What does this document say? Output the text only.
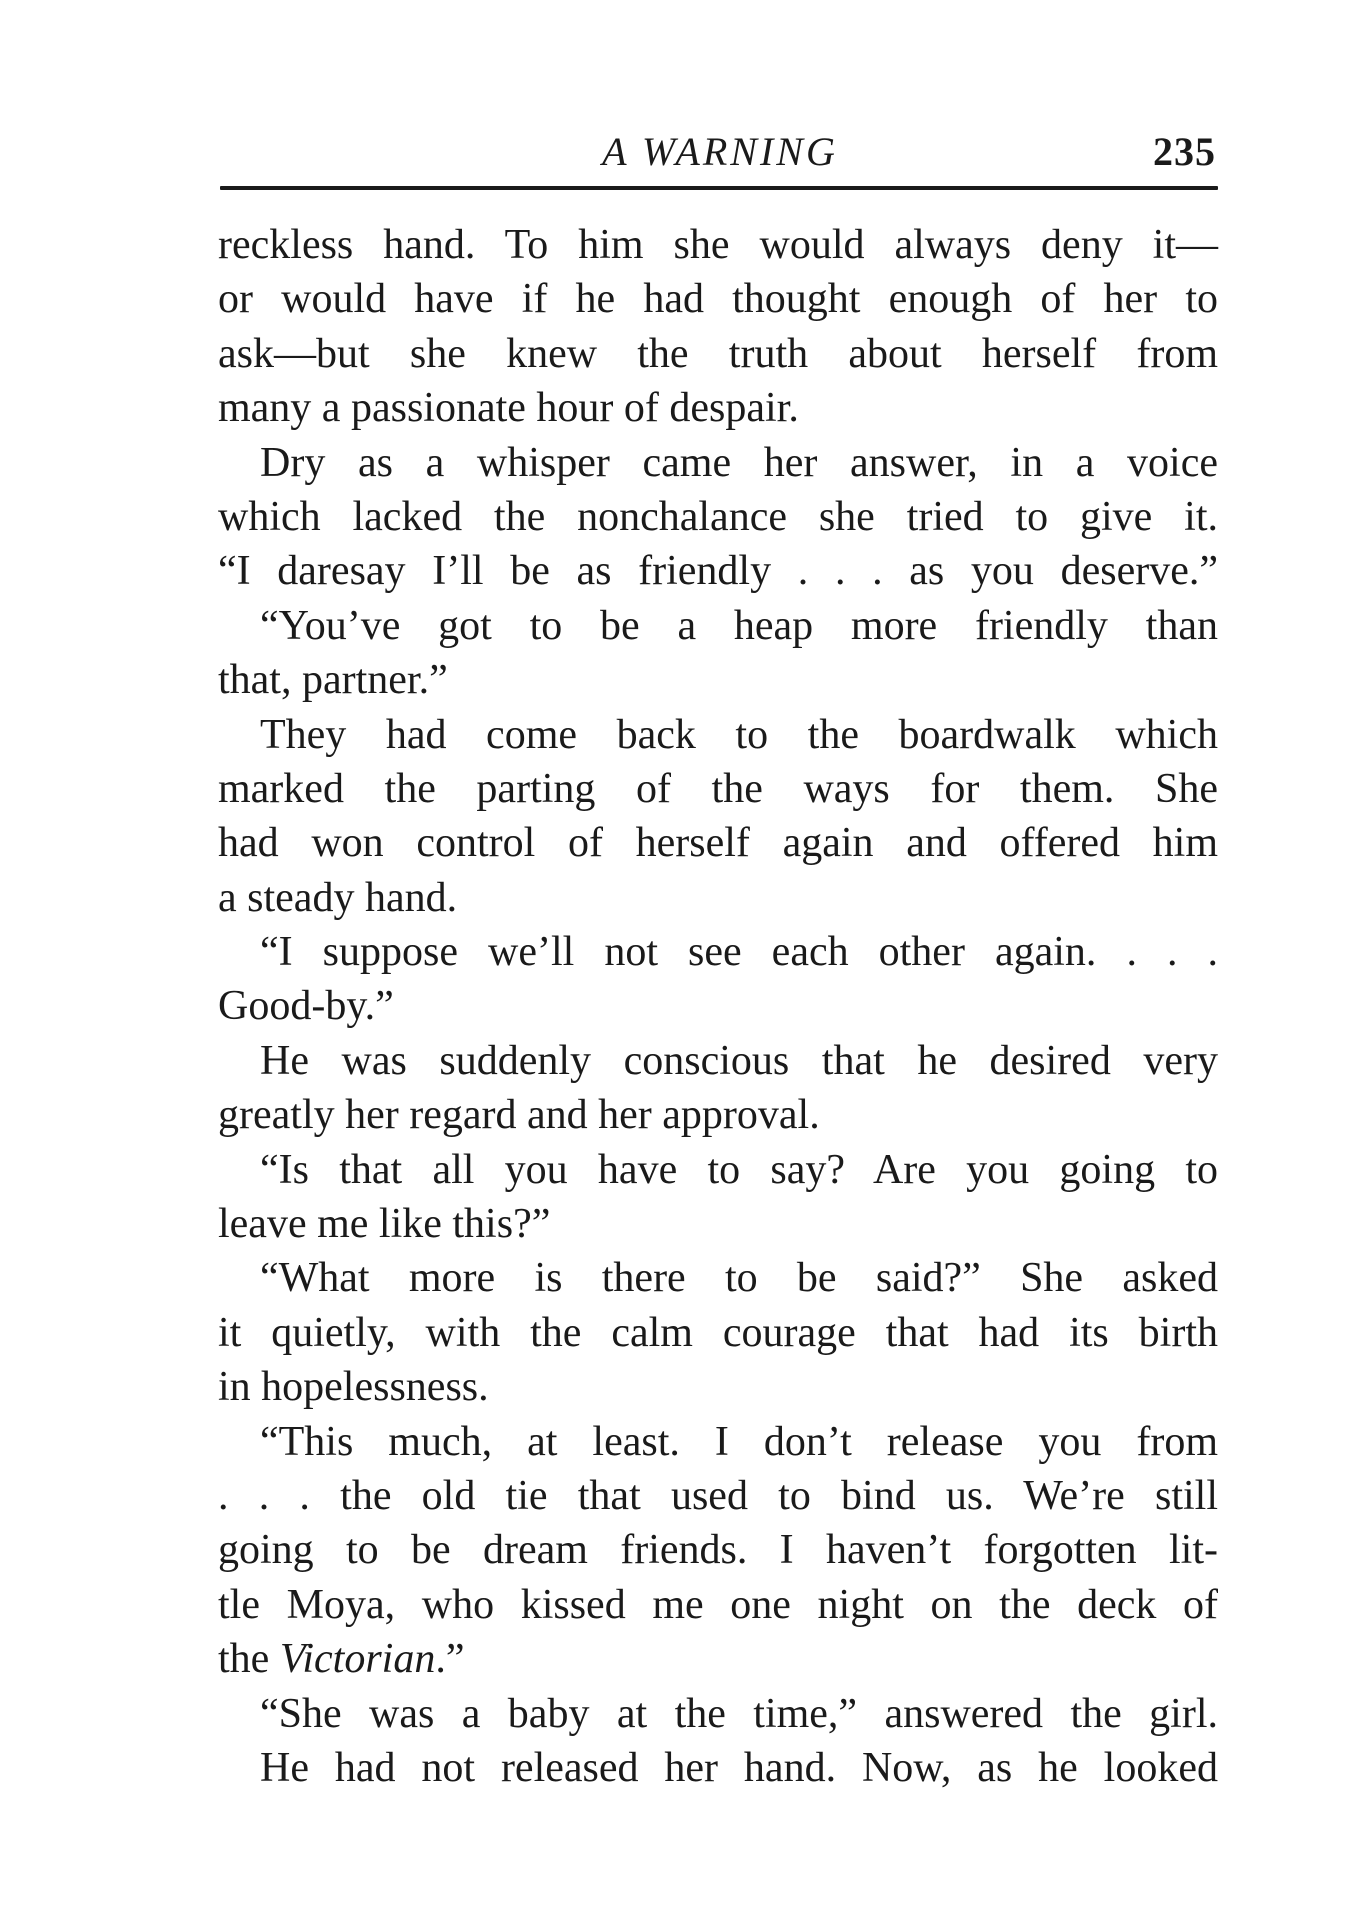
A WARNING	235
reckless hand. To him she would always deny it—
or would have if he had thought enough of her to
ask—but she knew the truth about herself from
many a passionate hour of despair.
Dry as a whisper came her answer, in a voice
which lacked the nonchalance she tried to give it.
“I daresay I’ll be as friendly . . . as you deserve.”
“You’ve got to be a heap more friendly than
that, partner.”
They had come back to the boardwalk which
marked the parting of the ways for them. She
had won control of herself again and offered him
a steady hand.
“I suppose we’ll not see each other again. . . .
Good-by.”
He was suddenly conscious that he desired very
greatly her regard and her approval.
“Is that all you have to say? Are you going to
leave me like this?”
“What more is there to be said?” She asked
it quietly, with the calm courage that had its birth
in hopelessness.
“This much, at least. I don’t release you from
. . . the old tie that used to bind us. We’re still
going to be dream friends. I haven’t forgotten lit-
tle Moya, who kissed me one night on the deck of
the Victorian.”
“She was a baby at the time,” answered the girl.
He had not released her hand. Now, as he looked
